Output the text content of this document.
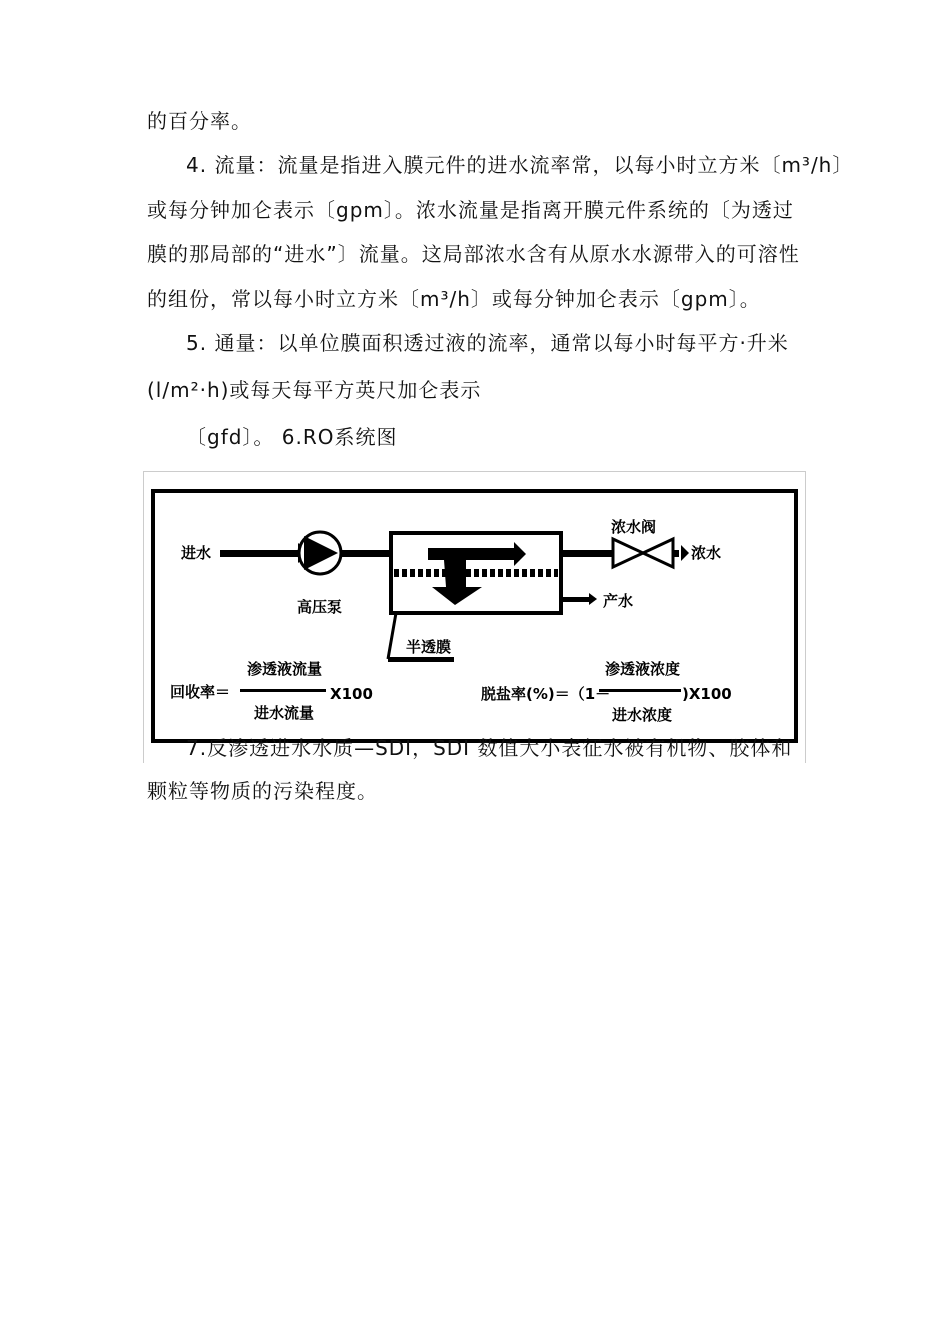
的百分率。
4. 流量：流量是指进入膜元件的进水流率常，以每小时立方米〔m³/h〕
或每分钟加仑表示〔gpm〕。浓水流量是指离开膜元件系统的〔为透过
膜的那局部的“进水”〕流量。这局部浓水含有从原水水源带入的可溶性
的组份，常以每小时立方米〔m³/h〕或每分钟加仑表示〔gpm〕。
5. 通量：以单位膜面积透过液的流率，通常以每小时每平方·升米
(l/m²·h)或每天每平方英尺加仑表示
〔gfd〕。 6.RO系统图
进水
高压泵
浓水阀
浓水
产水
半透膜
回收率＝
渗透液流量
进水流量
X100	脱盐率(%)＝（1－
渗透液浓度
进水浓度
)X100
7.反渗透进水水质—SDI，SDI 数值大小表征水被有机物、胶体和
颗粒等物质的污染程度。
